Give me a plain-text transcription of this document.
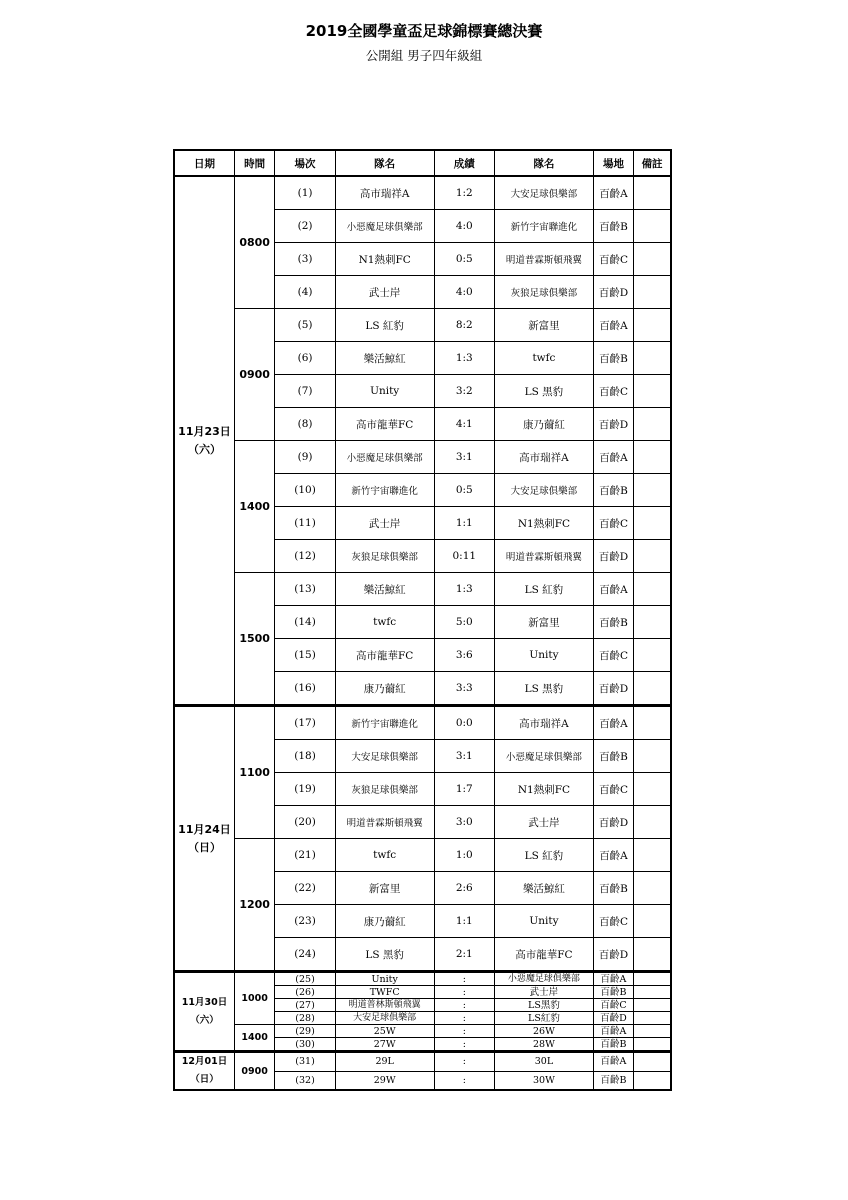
2019全國學童盃足球錦標賽總決賽
公開組 男子四年級組
日期	時間	場次	隊名	成績	隊名	場地	備註

11月23日
（六）	0800	(1)	高市瑞祥A	1:2	大安足球俱樂部	百齡A	
		(2)	小惡魔足球俱樂部	4:0	新竹宇宙聯進化	百齡B	
		(3)	N1熱刺FC	0:5	明道普霖斯頓飛翼	百齡C	
		(4)	武士岸	4:0	灰狼足球俱樂部	百齡D	
	0900	(5)	LS 紅豹	8:2	新富里	百齡A	
		(6)	樂活鯨紅	1:3	twfc	百齡B	
		(7)	Unity	3:2	LS 黑豹	百齡C	
		(8)	高市龍華FC	4:1	康乃薾紅	百齡D	
	1400	(9)	小惡魔足球俱樂部	3:1	高市瑞祥A	百齡A	
		(10)	新竹宇宙聯進化	0:5	大安足球俱樂部	百齡B	
		(11)	武士岸	1:1	N1熱刺FC	百齡C	
		(12)	灰狼足球俱樂部	0:11	明道普霖斯頓飛翼	百齡D	
	1500	(13)	樂活鯨紅	1:3	LS 紅豹	百齡A	
		(14)	twfc	5:0	新富里	百齡B	
		(15)	高市龍華FC	3:6	Unity	百齡C	
		(16)	康乃薾紅	3:3	LS 黑豹	百齡D	

11月24日
（日）	1100	(17)	新竹宇宙聯進化	0:0	高市瑞祥A	百齡A	
		(18)	大安足球俱樂部	3:1	小惡魔足球俱樂部	百齡B	
		(19)	灰狼足球俱樂部	1:7	N1熱刺FC	百齡C	
		(20)	明道普霖斯頓飛翼	3:0	武士岸	百齡D	
	1200	(21)	twfc	1:0	LS 紅豹	百齡A	
		(22)	新富里	2:6	樂活鯨紅	百齡B	
		(23)	康乃薾紅	1:1	Unity	百齡C	
		(24)	LS 黑豹	2:1	高市龍華FC	百齡D	

11月30日
（六）	1000	(25)	Unity	:	小惡魔足球俱樂部	百齡A	
		(26)	TWFC	:	武士岸	百齡B	
		(27)	明道普林斯頓飛翼	:	LS黑豹	百齡C	
		(28)	大安足球俱樂部	:	LS紅豹	百齡D	
	1400	(29)	25W	:	26W	百齡A	
		(30)	27W	:	28W	百齡B	

12月01日
（日）	0900	(31)	29L	:	30L	百齡A	
		(32)	29W	:	30W	百齡B	
